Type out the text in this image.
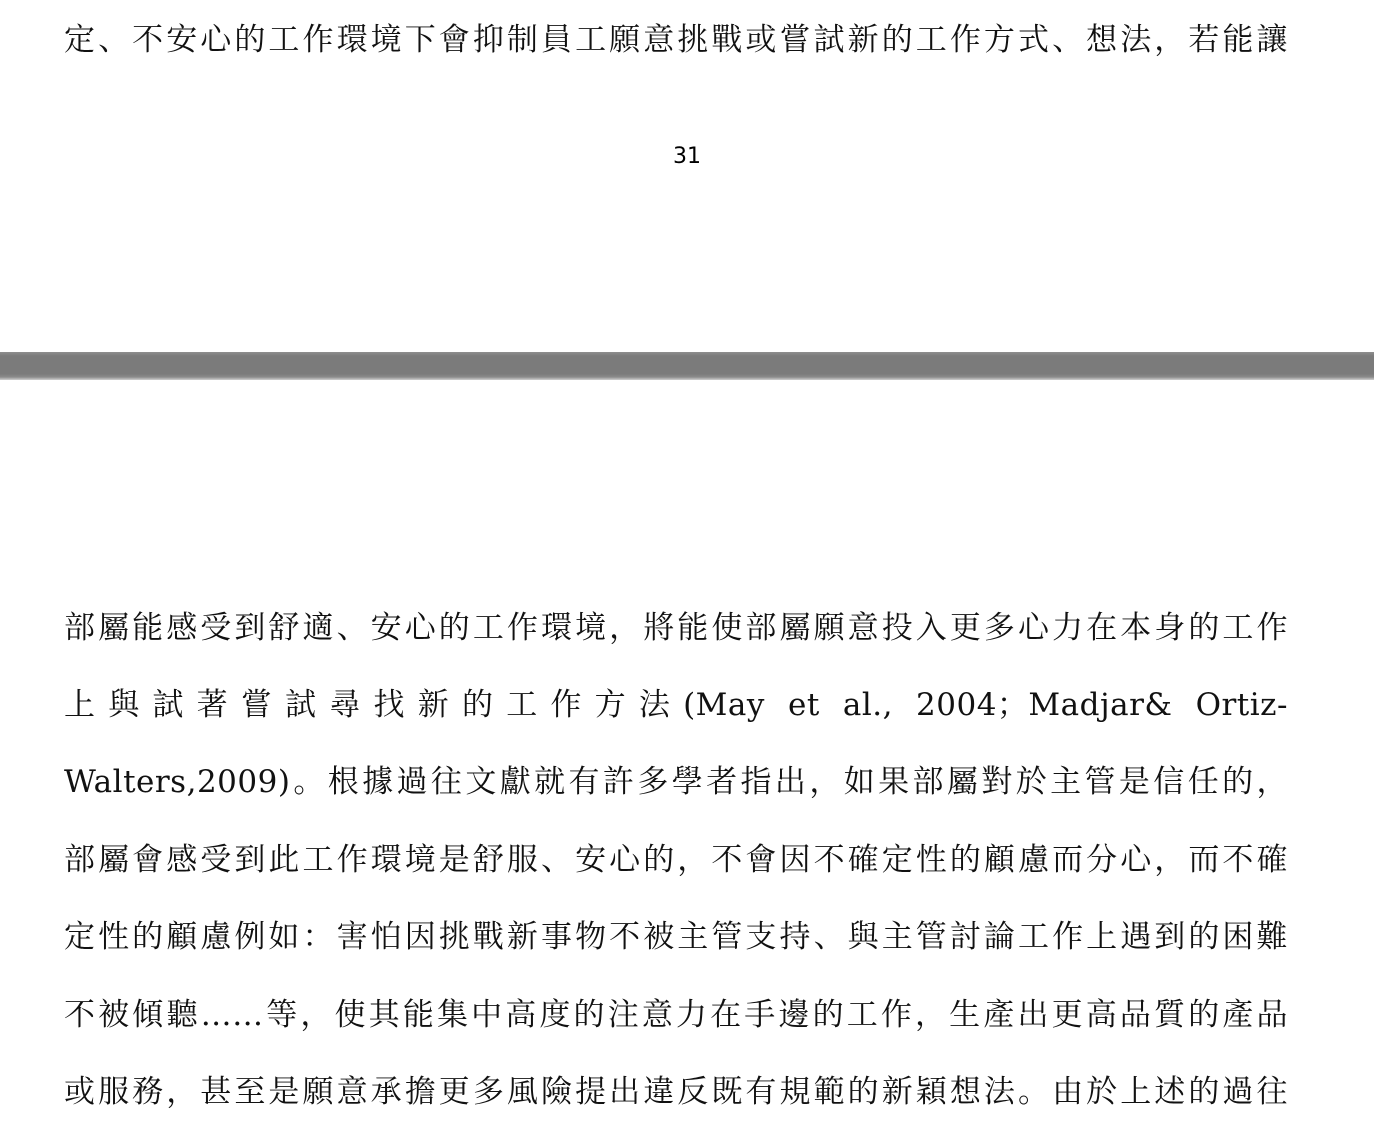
定、不安心的工作環境下會抑制員工願意挑戰或嘗試新的工作方式、想法，若能讓
31
部屬能感受到舒適、安心的工作環境，將能使部屬願意投入更多心力在本身的工作
上與試著嘗試尋找新的工作方法(May et al., 2004；Madjar& Ortiz-
Walters,2009)。根據過往文獻就有許多學者指出，如果部屬對於主管是信任的，
部屬會感受到此工作環境是舒服、安心的，不會因不確定性的顧慮而分心，而不確
定性的顧慮例如：害怕因挑戰新事物不被主管支持、與主管討論工作上遇到的困難
不被傾聽……等，使其能集中高度的注意力在手邊的工作，生產出更高品質的產品
或服務，甚至是願意承擔更多風險提出違反既有規範的新穎想法。由於上述的過往
